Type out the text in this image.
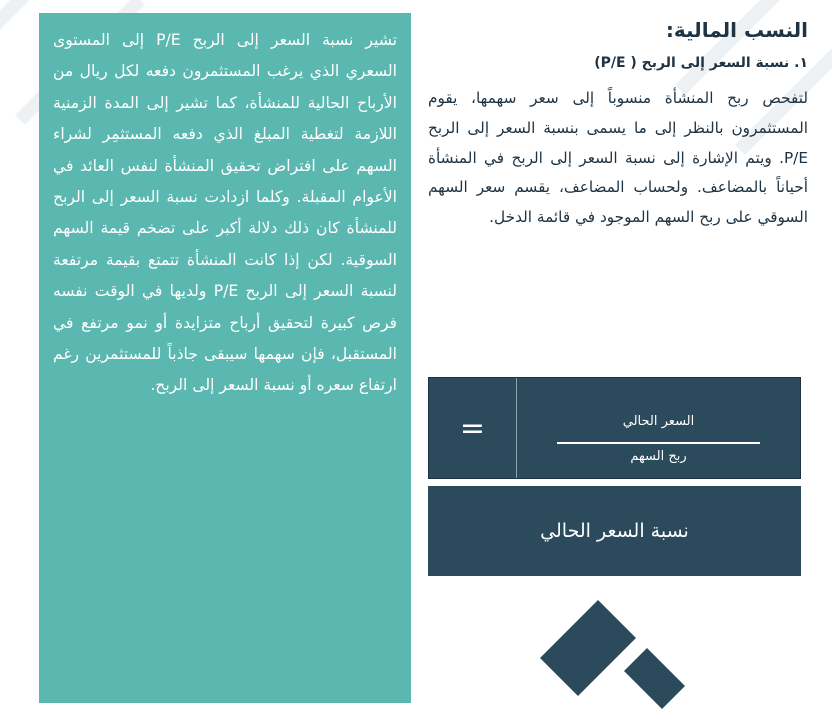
تشير نسبة السعر إلى الربح P/E إلى المستوى السعري الذي يرغب المستثمرون دفعه لكل ريال من الأرباح الحالية للمنشأة، كما تشير إلى المدة الزمنية اللازمة لتغطية المبلغ الذي دفعه المستثمِر لشراء السهم على افتراض تحقيق المنشأة لنفس العائد في الأعوام المقبلة. وكلما ازدادت نسبة السعر إلى الربح للمنشأة كان ذلك دلالة أكبر على تضخم قيمة السهم السوقية. لكن إذا كانت المنشأة تتمتع بقيمة مرتفعة لنسبة السعر إلى الربح P/E ولديها في الوقت نفسه فرص كبيرة لتحقيق أرباح متزايدة أو نمو مرتفع في المستقبل، فإن سهمها سيبقى جاذباً للمستثمرين رغم ارتفاع سعره أو نسبة السعر إلى الربح.

النسب المالية:
١. نسبة السعر إلى الربح ( P/E)

لتفحص ربح المنشأة منسوباً إلى سعر سهمها، يقوم المستثمرون بالنظر إلى ما يسمى بنسبة السعر إلى الربح P/E. ويتم الإشارة إلى نسبة السعر إلى الربح في المنشأة أحياناً بالمضاعف. ولحساب المضاعف، يقسم سعر السهم السوقي على ربح السهم الموجود في قائمة الدخل.

=	السعر الحالي
ربح السهم
نسبة السعر الحالي
